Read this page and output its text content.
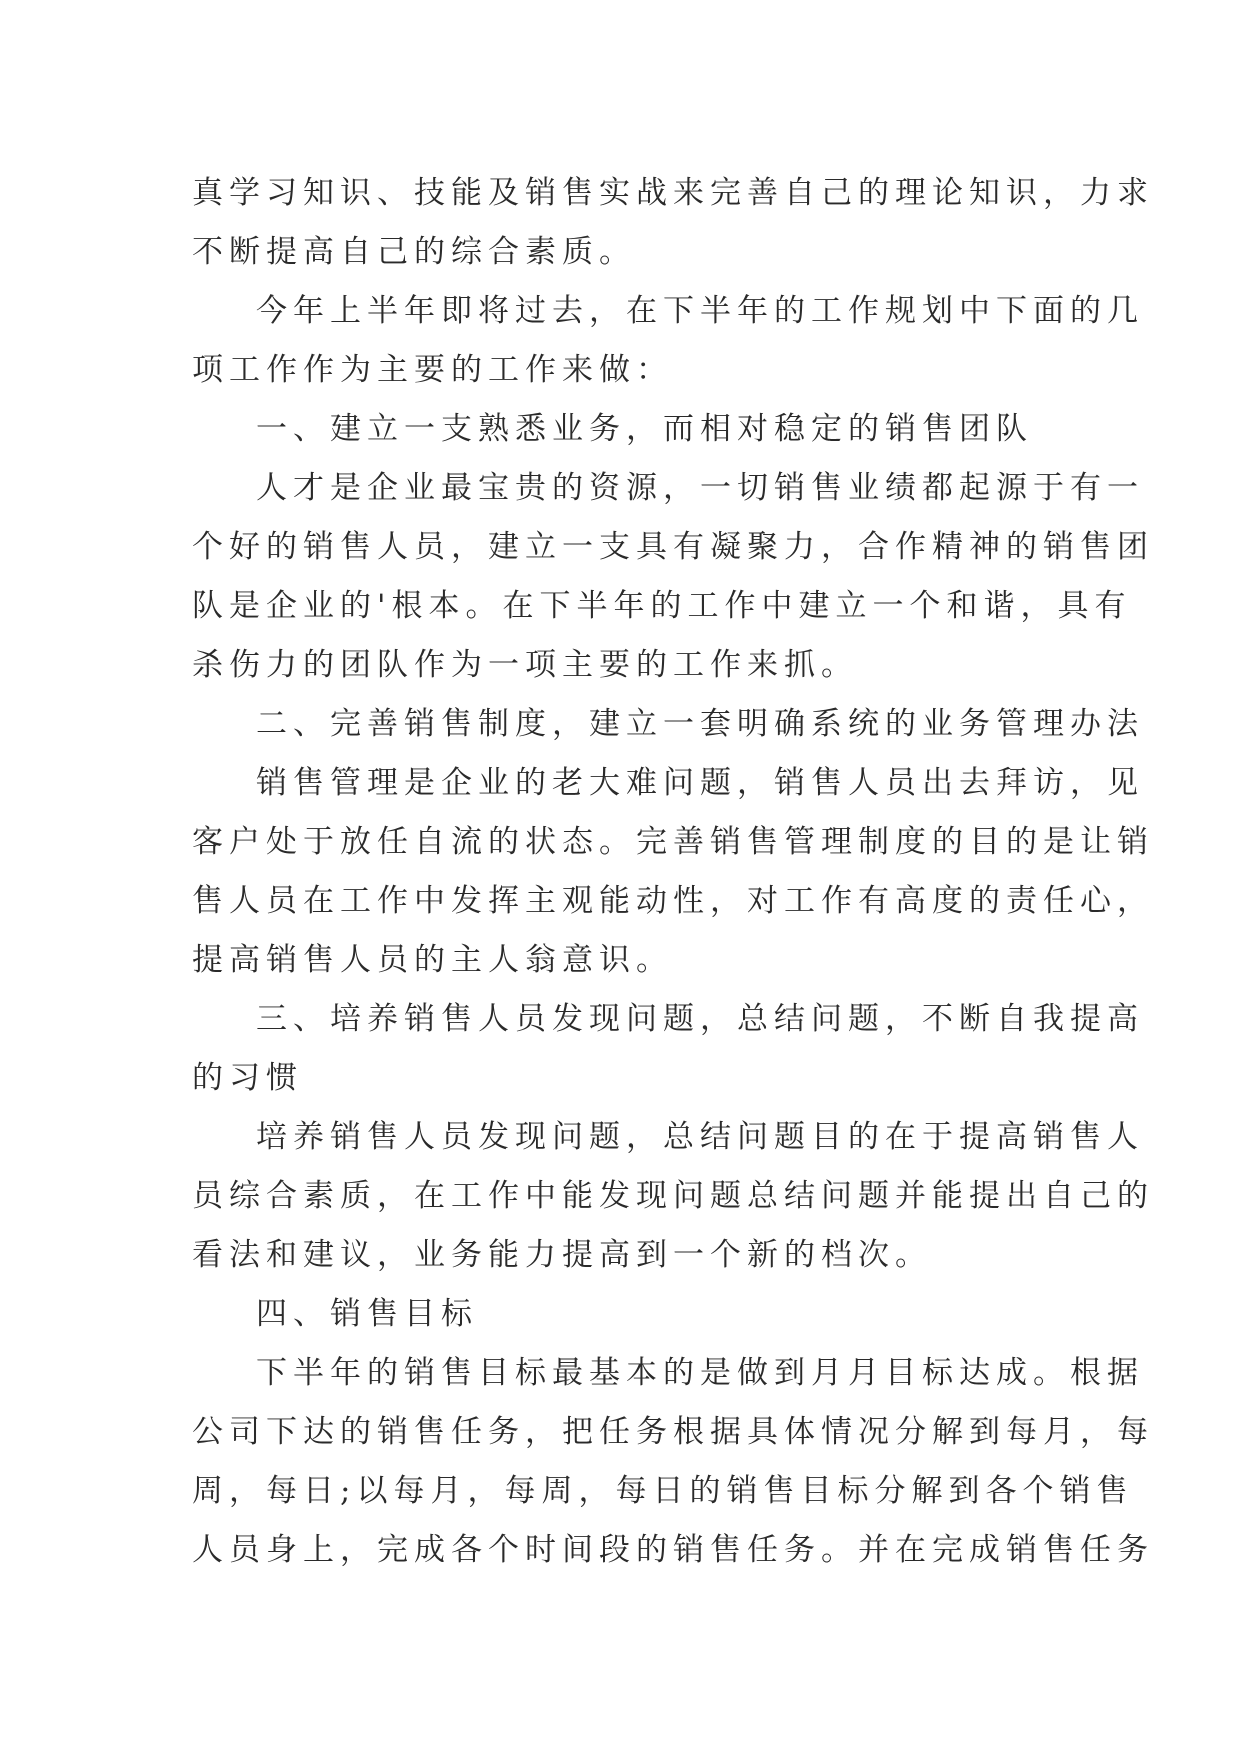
真学习知识、技能及销售实战来完善自己的理论知识，力求
不断提高自己的综合素质。
今年上半年即将过去，在下半年的工作规划中下面的几
项工作作为主要的工作来做：
一、建立一支熟悉业务，而相对稳定的销售团队
人才是企业最宝贵的资源，一切销售业绩都起源于有一
个好的销售人员，建立一支具有凝聚力，合作精神的销售团
队是企业的'根本。在下半年的工作中建立一个和谐，具有
杀伤力的团队作为一项主要的工作来抓。
二、完善销售制度，建立一套明确系统的业务管理办法
销售管理是企业的老大难问题，销售人员出去拜访，见
客户处于放任自流的状态。完善销售管理制度的目的是让销
售人员在工作中发挥主观能动性，对工作有高度的责任心，
提高销售人员的主人翁意识。
三、培养销售人员发现问题，总结问题，不断自我提高
的习惯
培养销售人员发现问题，总结问题目的在于提高销售人
员综合素质，在工作中能发现问题总结问题并能提出自己的
看法和建议，业务能力提高到一个新的档次。
四、销售目标
下半年的销售目标最基本的是做到月月目标达成。根据
公司下达的销售任务，把任务根据具体情况分解到每月，每
周，每日;以每月，每周，每日的销售目标分解到各个销售
人员身上，完成各个时间段的销售任务。并在完成销售任务
